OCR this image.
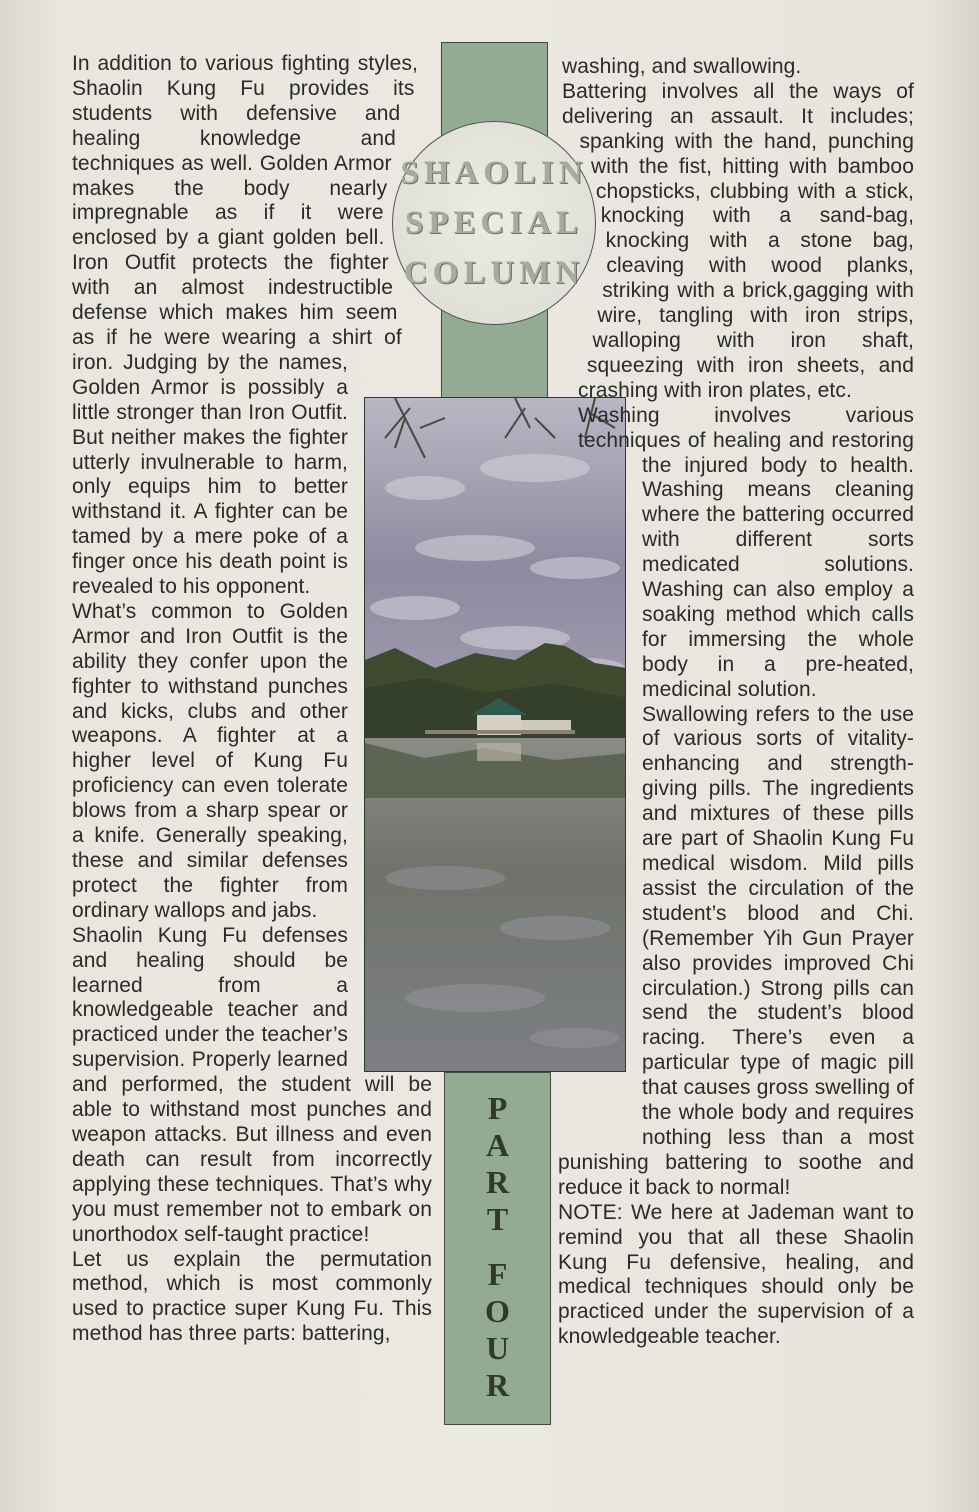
SHAOLIN
SPECIAL
COLUMN
P
A
R
T
F
O
U
R

In addition to various fighting styles, Shaolin Kung Fu provides its students with defensive and healing knowledge and techniques as well. Golden Armor makes the body nearly impregnable as if it were enclosed by a giant golden bell. Iron Outfit protects the fighter with an almost indestructible defense which makes him seem as if he were wearing a shirt of iron. Judging by the names, Golden Armor is possibly a little stronger than Iron Outfit. But neither makes the fighter utterly invulnerable to harm, only equips him to better withstand it. A fighter can be tamed by a mere poke of a finger once his death point is revealed to his opponent.

What’s common to Golden Armor and Iron Outfit is the ability they confer upon the fighter to withstand punches and kicks, clubs and other weapons. A fighter at a higher level of Kung Fu proficiency can even tolerate blows from a sharp spear or a knife. Generally speaking, these and similar defenses protect the fighter from ordinary wallops and jabs.

Shaolin Kung Fu defenses and healing should be learned from a knowledgeable teacher and practiced under the teacher’s supervision. Properly learned and performed, the student will be able to withstand most punches and weapon attacks. But illness and even death can result from incorrectly applying these techniques. That’s why you must remember not to embark on unorthodox self-taught practice!

Let us explain the permutation method, which is most commonly used to practice super Kung Fu. This method has three parts: battering,

washing, and swallowing.

Battering involves all the ways of delivering an assault. It includes; spanking with the hand, punching with the fist, hitting with bamboo chopsticks, clubbing with a stick, knocking with a sand-bag, knocking with a stone bag, cleaving with wood planks, striking with a brick,gagging with wire, tangling with iron strips, walloping with iron shaft, squeezing with iron sheets, and crashing with iron plates, etc.

Washing involves various techniques of healing and restoring the injured body to health. Washing means cleaning where the battering occurred with different sorts medicated solutions. Washing can also employ a soaking method which calls for immersing the whole body in a pre-heated, medicinal solution.

Swallowing refers to the use of various sorts of vitality-enhancing and strength-giving pills. The ingredients and mixtures of these pills are part of Shaolin Kung Fu medical wisdom. Mild pills assist the circulation of the student’s blood and Chi. (Remember Yih Gun Prayer also provides improved Chi circulation.) Strong pills can send the student’s blood racing. There’s even a particular type of magic pill that causes gross swelling of the whole body and requires nothing less than a most punishing battering to soothe and reduce it back to normal!

NOTE: We here at Jademan want to remind you that all these Shaolin Kung Fu defensive, healing, and medical techniques should only be practiced under the supervision of a knowledgeable teacher.
